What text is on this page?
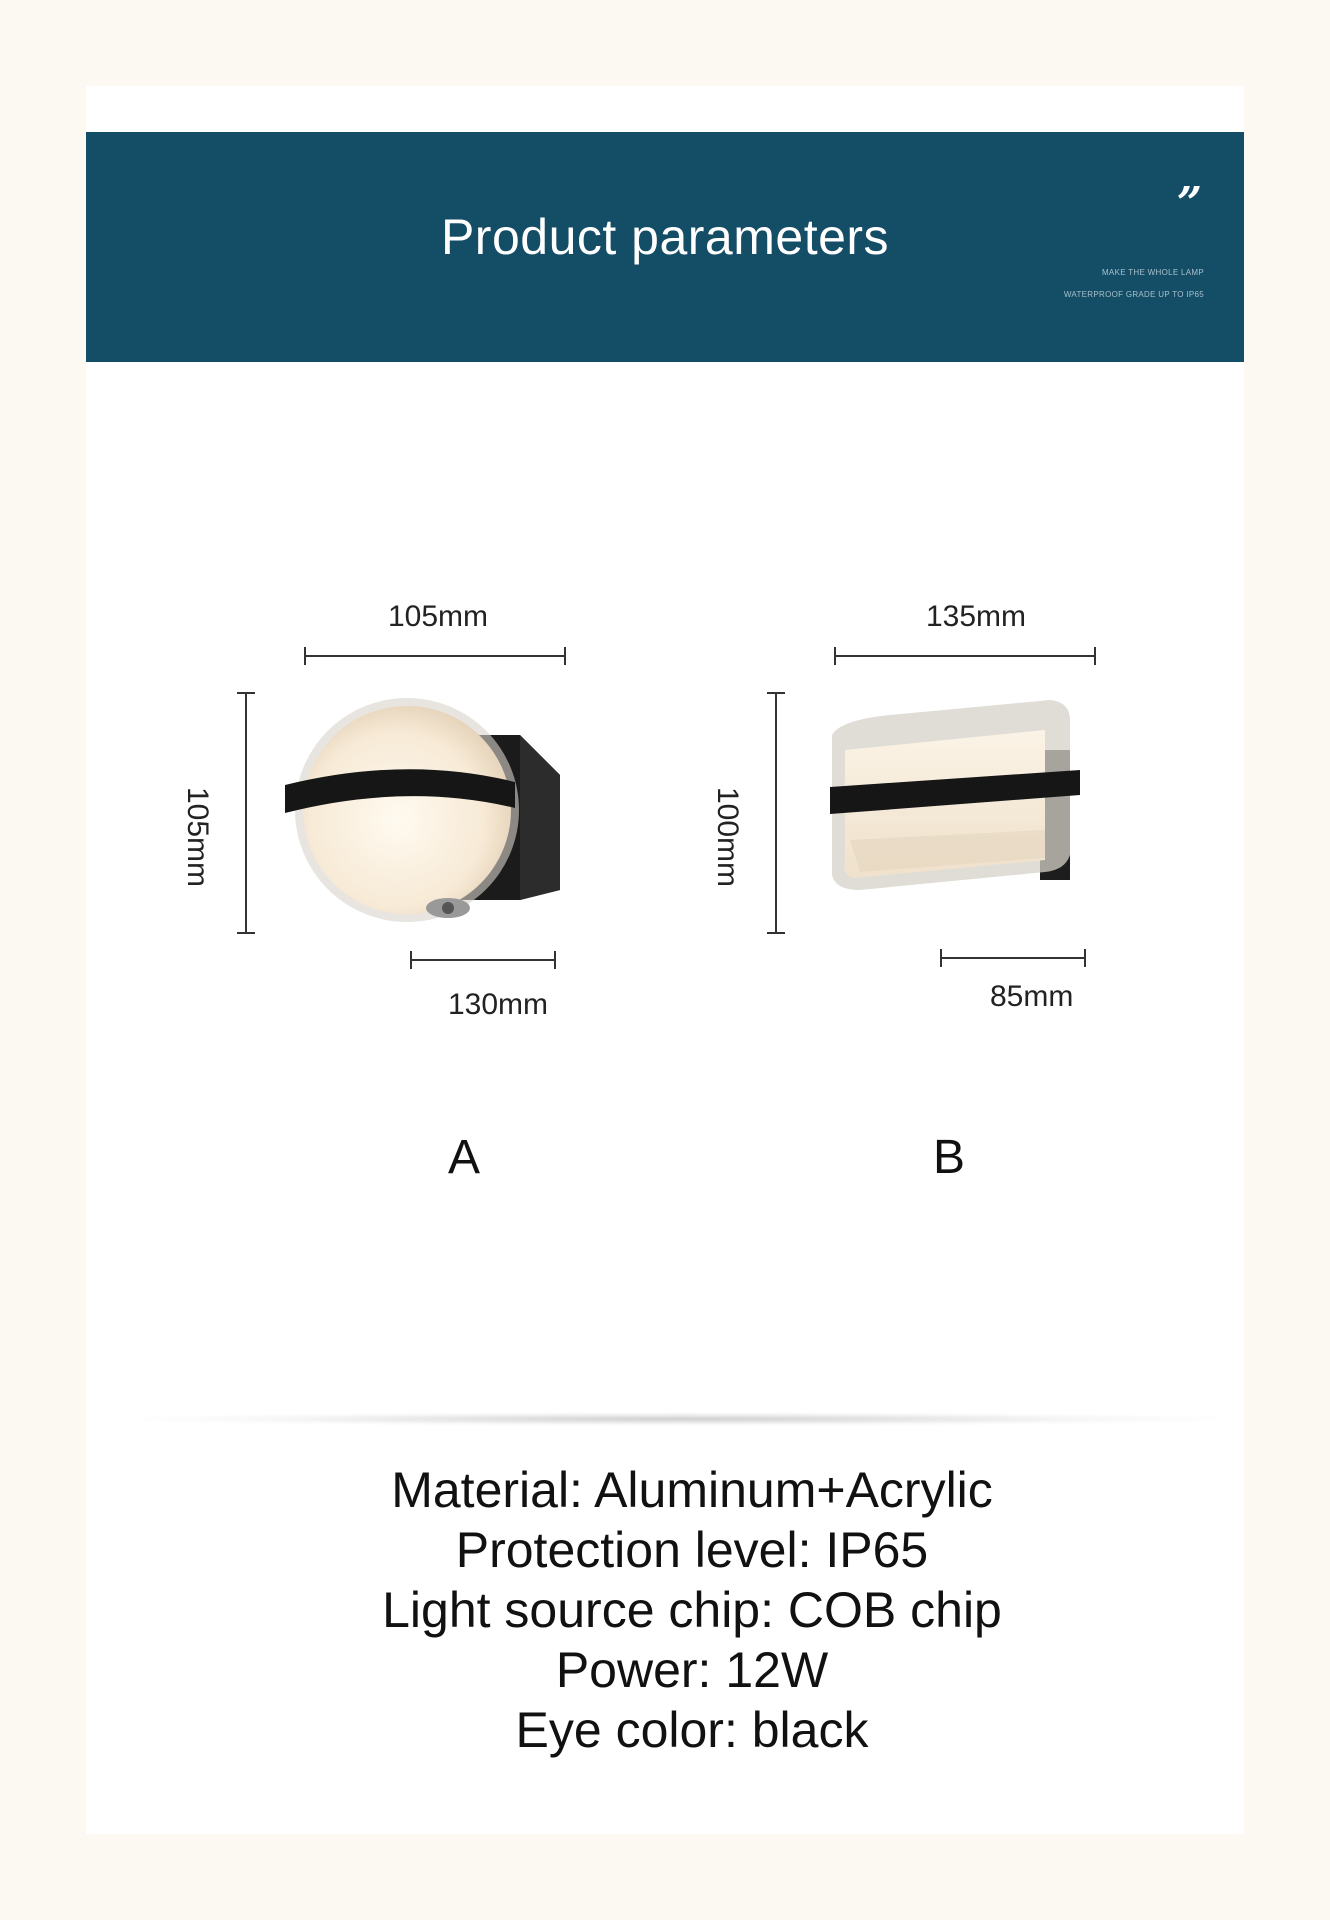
Product parameters
”
MAKE THE WHOLE LAMP
WATERPROOF GRADE UP TO IP65
105mm
105mm
130mm
A
135mm
100mm
85mm
B
Material: Aluminum+Acrylic
Protection level: IP65
Light source chip: COB chip
Power: 12W
Eye color: black
